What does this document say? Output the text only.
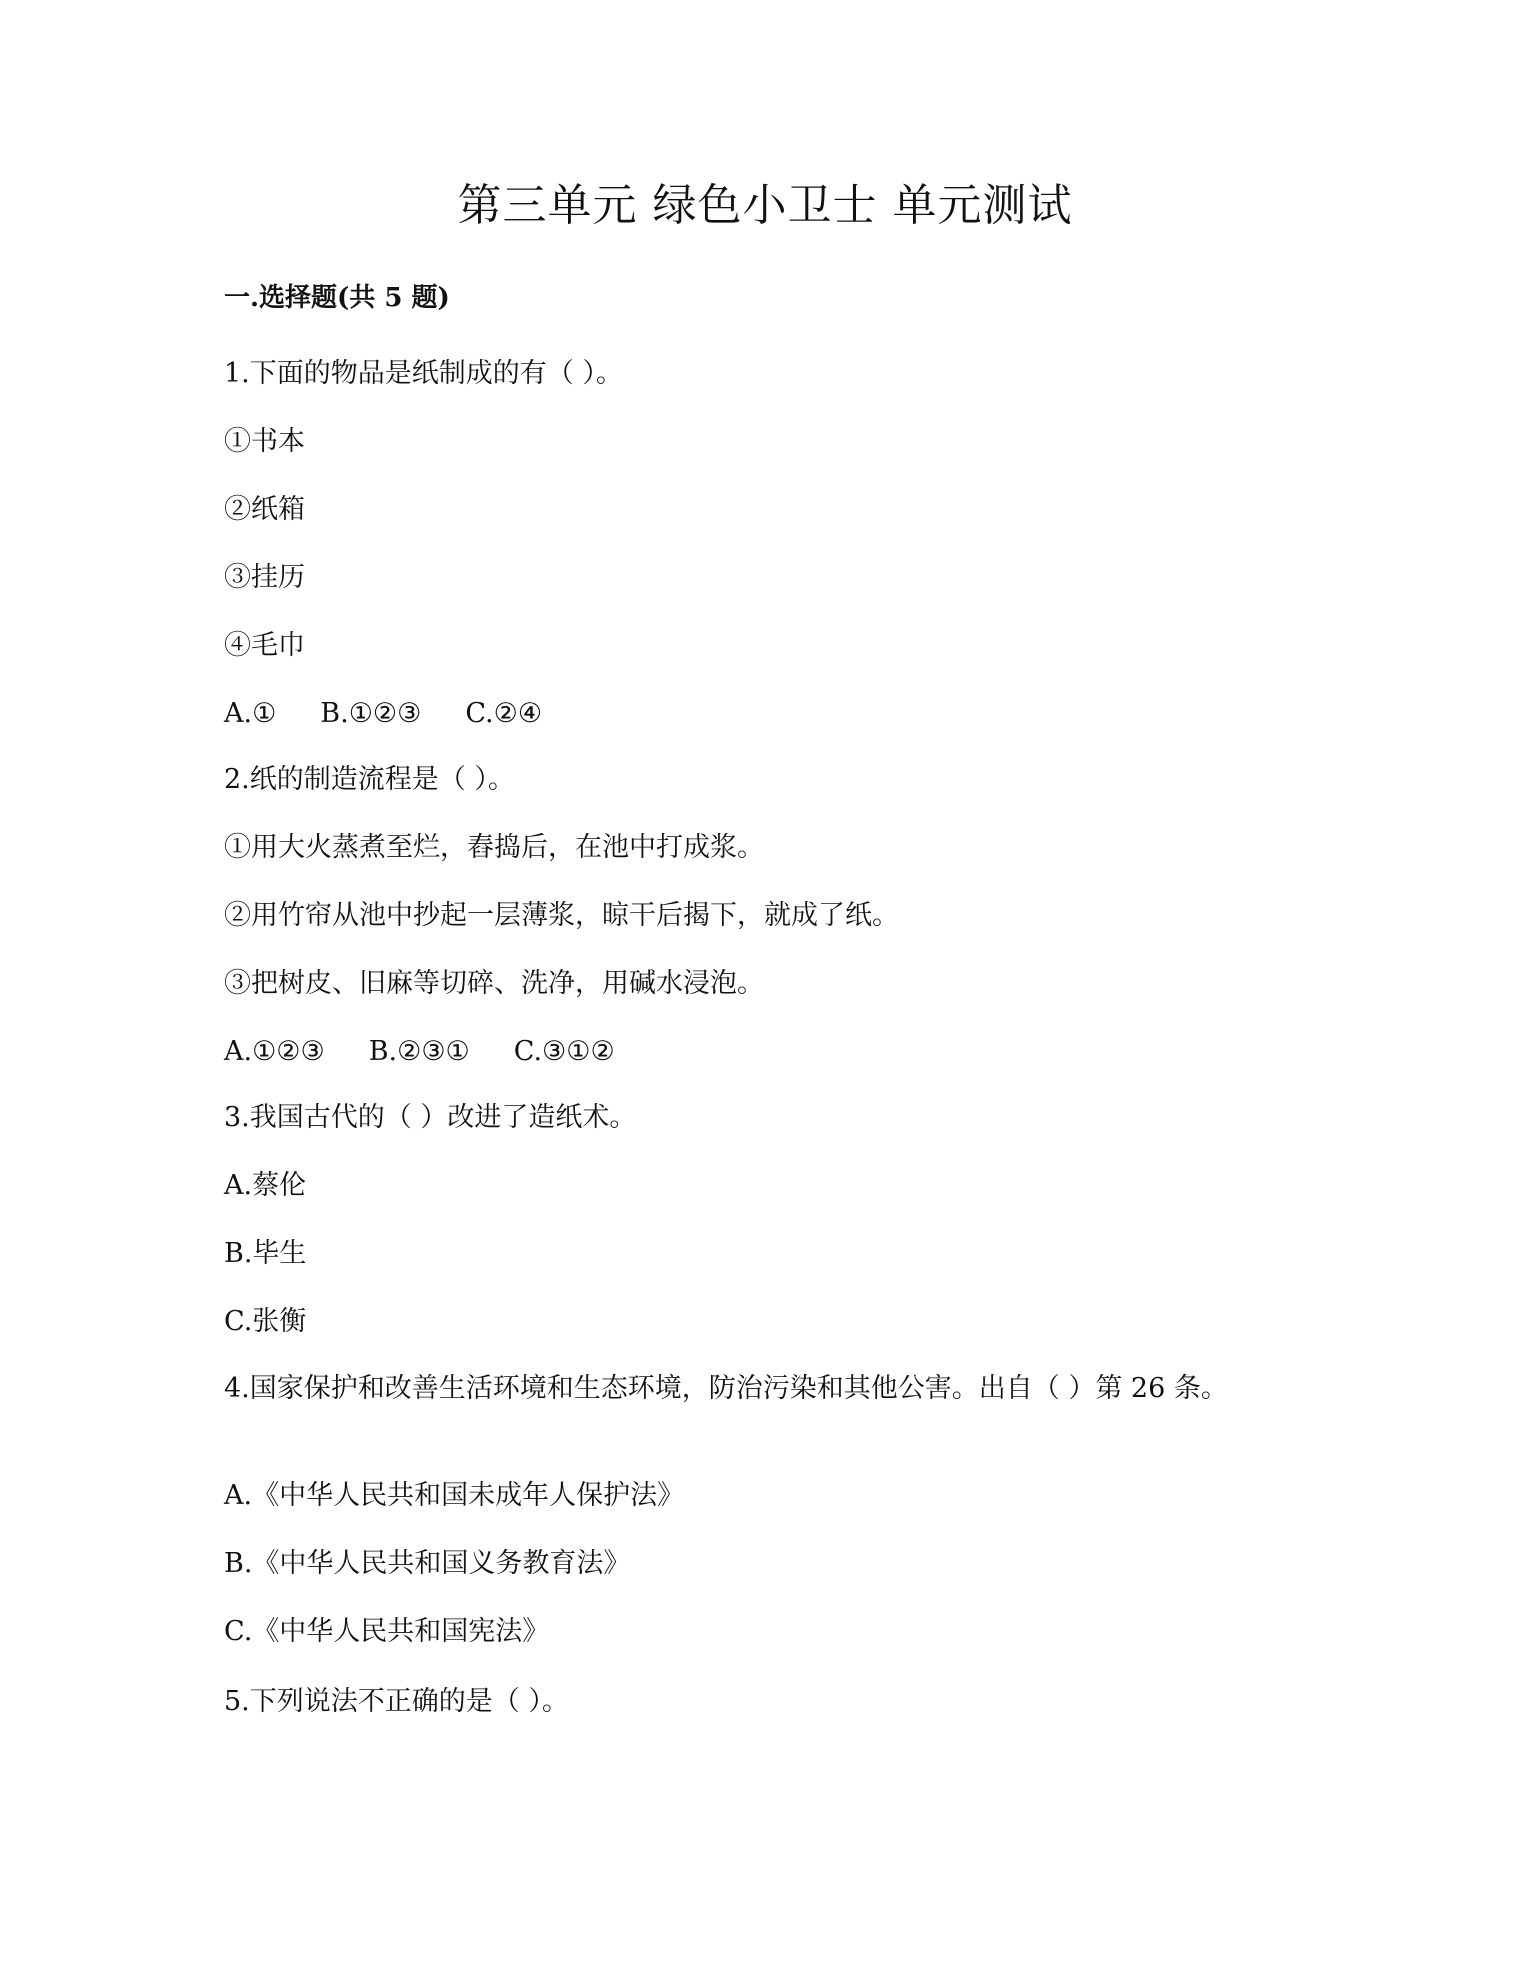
第三单元 绿色小卫士 单元测试
一.选择题(共 5 题)

1.下面的物品是纸制成的有（ ）。

①书本

②纸箱

③挂历

④毛巾

A.① B.①②③ C.②④

2.纸的制造流程是（ ）。

①用大火蒸煮至烂，舂捣后，在池中打成浆。

②用竹帘从池中抄起一层薄浆，晾干后揭下，就成了纸。

③把树皮、旧麻等切碎、洗净，用碱水浸泡。

A.①②③ B.②③① C.③①②

3.我国古代的（ ）改进了造纸术。

A.蔡伦

B.毕生

C.张衡

4.国家保护和改善生活环境和生态环境，防治污染和其他公害。出自（ ）第 26 条。

A.《中华人民共和国未成年人保护法》

B.《中华人民共和国义务教育法》

C.《中华人民共和国宪法》

5.下列说法不正确的是（ ）。
